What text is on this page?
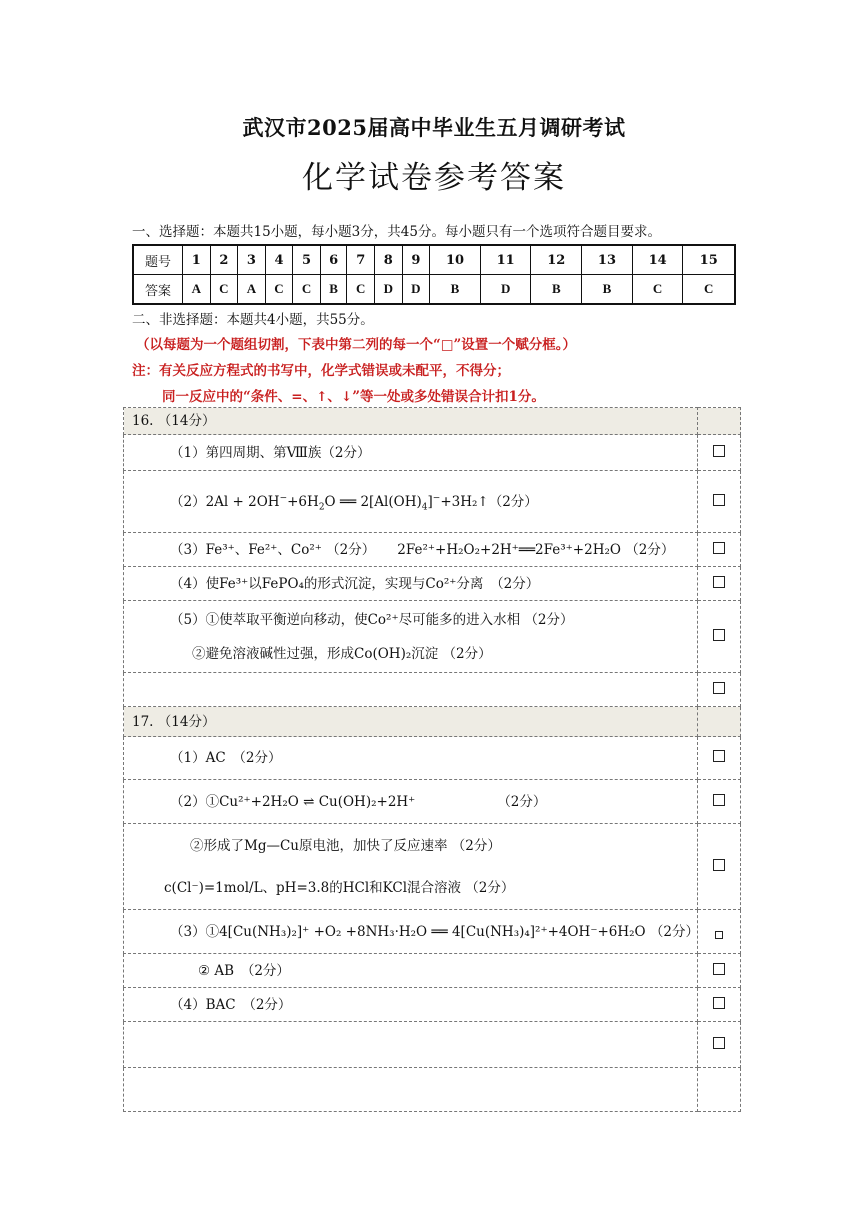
武汉市2025届高中毕业生五月调研考试
化学试卷参考答案
一、选择题：本题共15小题，每小题3分，共45分。每小题只有一个选项符合题目要求。
题号	1	2	3	4	5	6	7	8	9	10	11	12	13	14	15
答案	A	C	A	C	C	B	C	D	D	B	D	B	B	C	C
二、非选择题：本题共4小题，共55分。
（以每题为一个题组切割，下表中第二列的每一个“□”设置一个赋分框。）
注：有关反应方程式的书写中，化学式错误或未配平，不得分；
同一反应中的“条件、=、↑、↓”等一处或多处错误合计扣1分。
16. （14分）	

（1）第四周期、第Ⅷ族（2分）	

$(2)2Al + 2OH^-+6H_2O$ ══ $2[Al(OH)_4]^-+3H_2↑(2$分）	

（3）Fe³⁺、Fe²⁺、Co²⁺ （2分） 2Fe²⁺+H₂O₂+2H⁺══2Fe³⁺+2H₂O （2分）	

（4）使Fe³⁺以FePO₄的形式沉淀，实现与Co²⁺分离　（2分）	

（5）①使萃取平衡逆向移动，使Co²⁺尽可能多的进入水相 （2分）
②避免溶液碱性过强，形成Co(OH)₂沉淀 （2分）	

17. （14分）	

（1）AC　（2分）	

（2）①Cu²⁺+2H₂O ⇌ Cu(OH)₂+2H⁺ （2分）	

②形成了Mg—Cu原电池，加快了反应速率 （2分）
c(Cl⁻)=1mol/L、pH=3.8的HCl和KCl混合溶液 （2分）	

（3）①4[Cu(NH₃)₂]⁺ +O₂ +8NH₃·H₂O ══ 4[Cu(NH₃)₄]²⁺+4OH⁻+6H₂O （2分）	

② AB　（2分）	

（4）BAC　（2分）	
